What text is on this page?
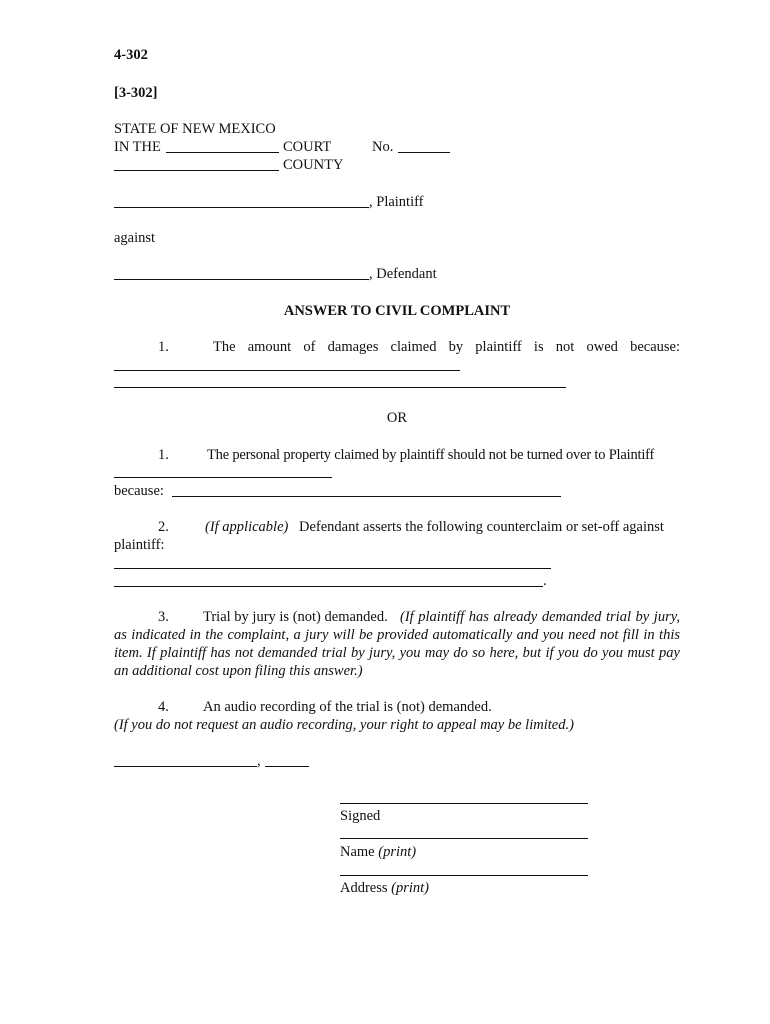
4-302
[3-302]
STATE OF NEW MEXICO
IN THE	COURT	No.
COUNTY
, Plaintiff
against
, Defendant
ANSWER TO CIVIL COMPLAINT
1.	The amount of damages claimed by plaintiff is not owed because:
OR
1.	The personal property claimed by plaintiff should not be turned over to Plaintiff
because:
2. (If applicable) Defendant asserts the following counterclaim or set-off against
plaintiff:
.
3. Trial by jury is (not) demanded. (If plaintiff has already demanded trial by jury,
as indicated in the complaint, a jury will be provided automatically and you need not fill in this
item. If plaintiff has not demanded trial by jury, you may do so here, but if you do you must pay
an additional cost upon filing this answer.)
4. An audio recording of the trial is (not) demanded.
(If you do not request an audio recording, your right to appeal may be limited.)
,
Signed
Name (print)
Address (print)
